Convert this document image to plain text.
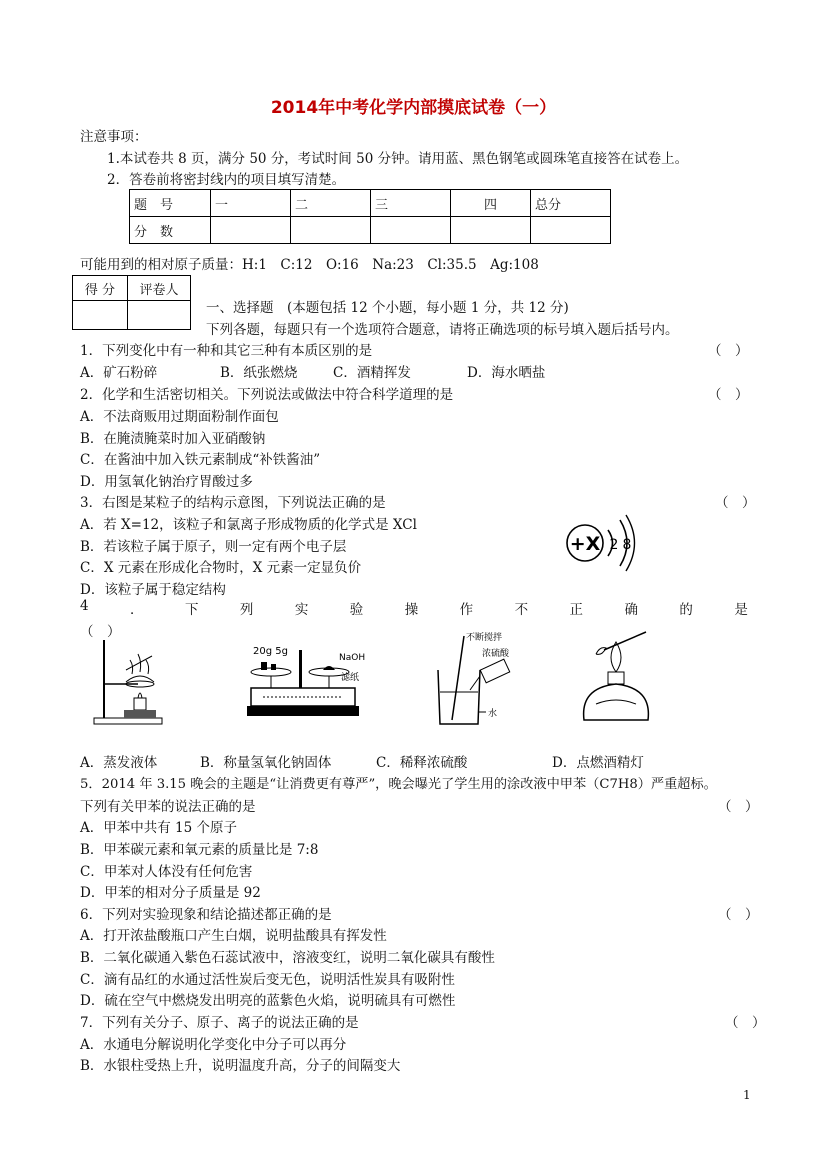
2014年中考化学内部摸底试卷（一）
注意事项：
1.本试卷共 8 页，满分 50 分，考试时间 50 分钟。请用蓝、黑色钢笔或圆珠笔直接答在试卷上。
2．答卷前将密封线内的项目填写清楚。
题　号	一	二	三	四	总分
分　数					
可能用到的相对原子质量：H:1　C:12　O:16　Na:23　Cl:35.5　Ag:108
得 分	评卷人

一、选择题　(本题包括 12 个小题，每小题 1 分，共 12 分)
下列各题，每题只有一个选项符合题意，请将正确选项的标号填入题后括号内。
1．下列变化中有一种和其它三种有本质区别的是	（　）
A．矿石粉碎	B．纸张燃烧	C．酒精挥发	D．海水晒盐
2．化学和生活密切相关。下列说法或做法中符合科学道理的是	（　）
A．不法商贩用过期面粉制作面包
B．在腌渍腌菜时加入亚硝酸钠
C．在酱油中加入铁元素制成“补铁酱油”
D．用氢氧化钠治疗胃酸过多
3．右图是某粒子的结构示意图，下列说法正确的是	（　）
A．若 X=12，该粒子和氯离子形成物质的化学式是 XCl
B．若该粒子属于原子，则一定有两个电子层
C．X 元素在形成化合物时，X 元素一定显负价
D．该粒子属于稳定结构
+X 2 8
4	．	下	列	实	验	操	作	不	正	确	的	是
（　）
20g 5g
NaOH
滤纸
不断搅拌
浓硫酸
水
A．蒸发液体	B．称量氢氧化钠固体	C．稀释浓硫酸	D．点燃酒精灯
5．2014 年 3.15 晚会的主题是“让消费更有尊严”，晚会曝光了学生用的涂改液中甲苯（C7H8）严重超标。
下列有关甲苯的说法正确的是	（　）
A．甲苯中共有 15 个原子
B．甲苯碳元素和氧元素的质量比是 7:8
C．甲苯对人体没有任何危害
D．甲苯的相对分子质量是 92
6．下列对实验现象和结论描述都正确的是	（　）
A．打开浓盐酸瓶口产生白烟，说明盐酸具有挥发性
B．二氧化碳通入紫色石蕊试液中，溶液变红，说明二氧化碳具有酸性
C．滴有品红的水通过活性炭后变无色，说明活性炭具有吸附性
D．硫在空气中燃烧发出明亮的蓝紫色火焰，说明硫具有可燃性
7．下列有关分子、原子、离子的说法正确的是	（　）
A．水通电分解说明化学变化中分子可以再分
B．水银柱受热上升，说明温度升高，分子的间隔变大
1
